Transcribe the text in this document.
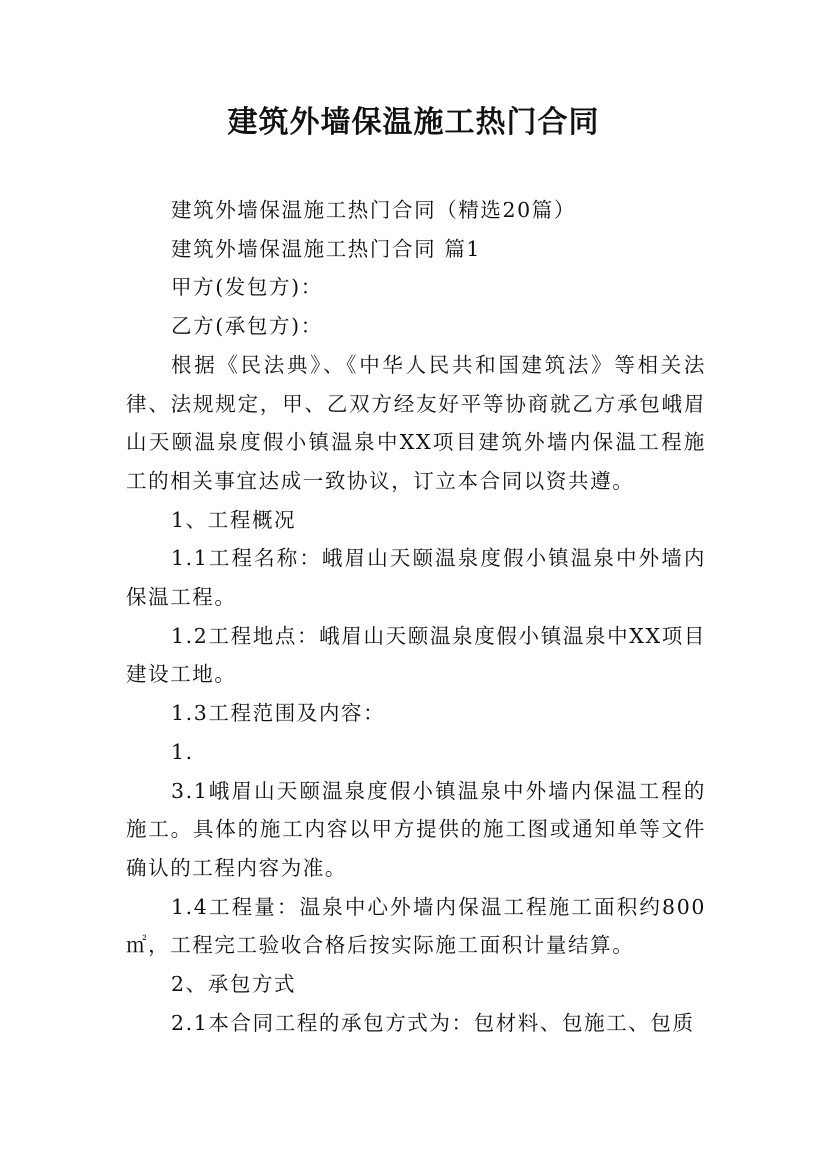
建筑外墙保温施工热门合同

建筑外墙保温施工热门合同（精选20篇）

建筑外墙保温施工热门合同 篇1

甲方(发包方)：

乙方(承包方)：

根据《民法典》、《中华人民共和国建筑法》等相关法律、法规规定，甲、乙双方经友好平等协商就乙方承包峨眉山天颐温泉度假小镇温泉中XX项目建筑外墙内保温工程施工的相关事宜达成一致协议，订立本合同以资共遵。

1、工程概况

1.1工程名称：峨眉山天颐温泉度假小镇温泉中外墙内保温工程。

1.2工程地点：峨眉山天颐温泉度假小镇温泉中XX项目建设工地。

1.3工程范围及内容：

1.

3.1峨眉山天颐温泉度假小镇温泉中外墙内保温工程的施工。具体的施工内容以甲方提供的施工图或通知单等文件确认的工程内容为准。

1.4工程量：温泉中心外墙内保温工程施工面积约800㎡，工程完工验收合格后按实际施工面积计量结算。

2、承包方式

2.1本合同工程的承包方式为：包材料、包施工、包质
